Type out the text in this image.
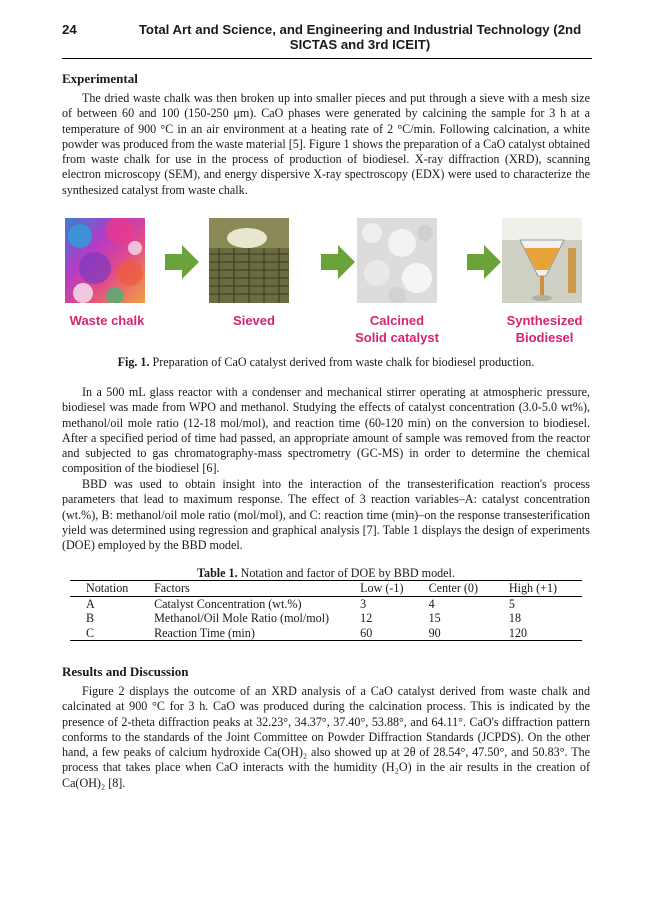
24	Total Art and Science, and Engineering and Industrial Technology (2nd SICTAS and 3rd ICEIT)
Experimental
The dried waste chalk was then broken up into smaller pieces and put through a sieve with a mesh size of between 60 and 100 (150-250 μm). CaO phases were generated by calcining the sample for 3 h at a temperature of 900 °C in an air environment at a heating rate of 2 °C/min. Following calcination, a white powder was produced from the waste material [5]. Figure 1 shows the preparation of a CaO catalyst obtained from waste chalk for use in the process of production of biodiesel. X-ray diffraction (XRD), scanning electron microscopy (SEM), and energy dispersive X-ray spectroscopy (EDX) were used to characterize the synthesized catalyst from waste chalk.
Waste chalk	Sieved	Calcined
Solid catalyst
Synthesized
Biodiesel
Fig. 1. Preparation of CaO catalyst derived from waste chalk for biodiesel production.
In a 500 mL glass reactor with a condenser and mechanical stirrer operating at atmospheric pressure, biodiesel was made from WPO and methanol. Studying the effects of catalyst concentration (3.0-5.0 wt%), methanol/oil mole ratio (12-18 mol/mol), and reaction time (60-120 min) on the conversion to biodiesel. After a specified period of time had passed, an appropriate amount of sample was removed from the reactor and subjected to gas chromatography-mass spectrometry (GC-MS) in order to determine the chemical composition of the biodiesel [6].
BBD was used to obtain insight into the interaction of the transesterification reaction's process parameters that lead to maximum response. The effect of 3 reaction variables–A: catalyst concentration (wt.%), B: methanol/oil mole ratio (mol/mol), and C: reaction time (min)–on the response transesterification yield was determined using regression and graphical analysis [7]. Table 1 displays the design of experiments (DOE) employed by the BBD model.
Table 1. Notation and factor of DOE by BBD model.
Notation	Factors	Low (-1)	Center (0)	High (+1)
A	Catalyst Concentration (wt.%)	3	4	5
B	Methanol/Oil Mole Ratio (mol/mol)	12	15	18
C	Reaction Time (min)	60	90	120
Results and Discussion
Figure 2 displays the outcome of an XRD analysis of a CaO catalyst derived from waste chalk and calcinated at 900 °C for 3 h. CaO was produced during the calcination process. This is indicated by the presence of 2-theta diffraction peaks at 32.23°, 34.37°, 37.40°, 53.88°, and 64.11°. CaO's diffraction pattern conforms to the standards of the Joint Committee on Powder Diffraction Standards (JCPDS). On the other hand, a few peaks of calcium hydroxide Ca(OH)₂ also showed up at 2θ of 28.54°, 47.50°, and 50.83°. The process that takes place when CaO interacts with the humidity (H₂O) in the air results in the creation of Ca(OH)₂ [8].
